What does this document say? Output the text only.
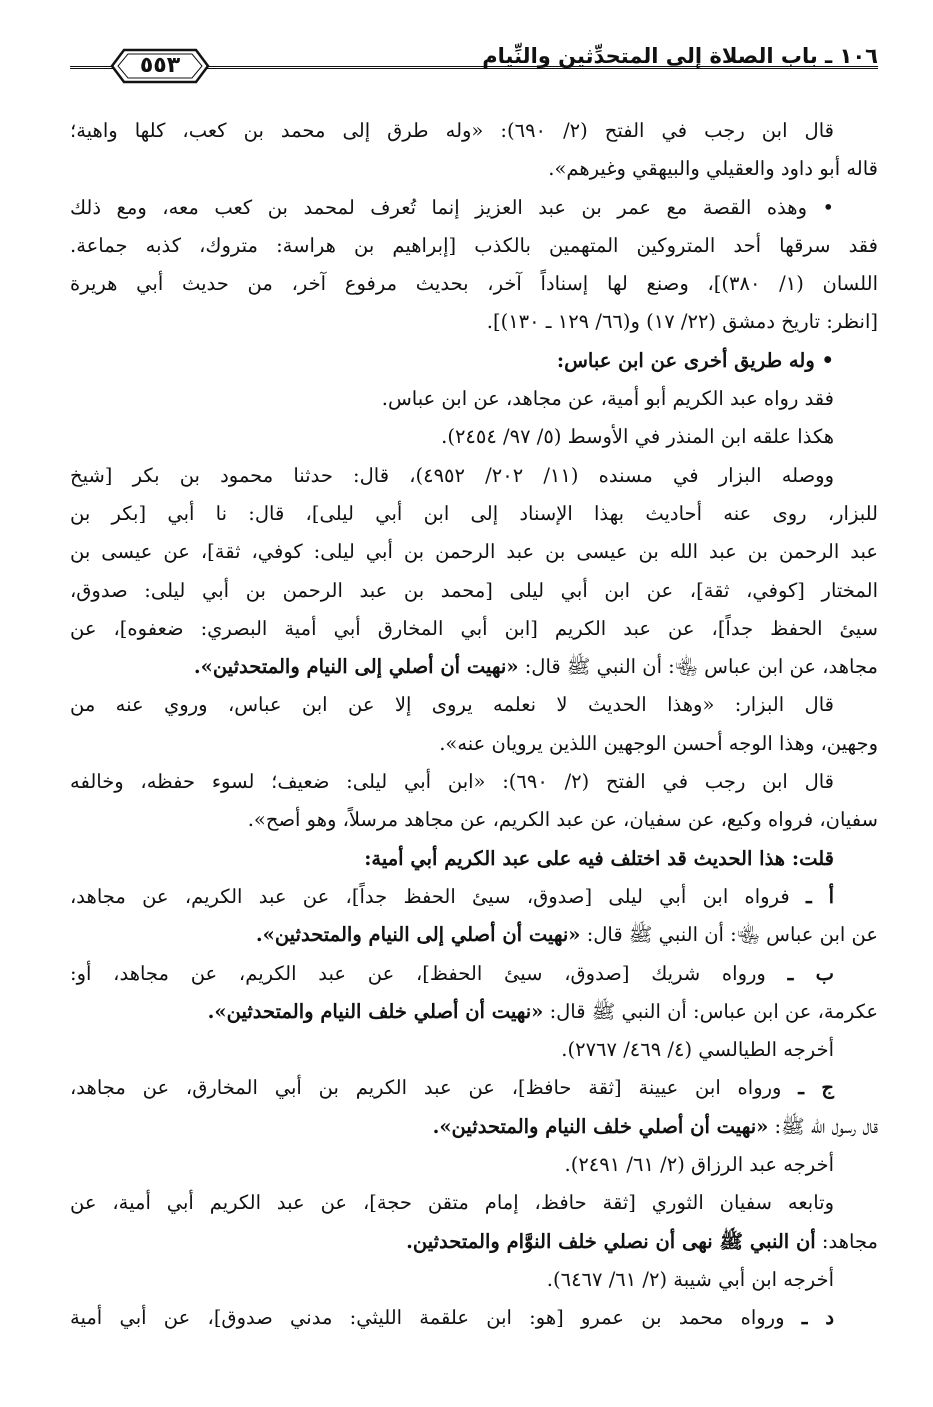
١٠٦ ـ باب الصلاة إلى المتحدِّثين والنِّيام
٥٥٣
قال ابن رجب في الفتح (٢/ ٦٩٠): «وله طرق إلى محمد بن كعب، كلها واهية؛
قاله أبو داود والعقيلي والبيهقي وغيرهم».
• وهذه القصة مع عمر بن عبد العزيز إنما تُعرف لمحمد بن كعب معه، ومع ذلك
فقد سرقها أحد المتروكين المتهمين بالكذب [إبراهيم بن هراسة: متروك، كذبه جماعة.
اللسان (١/ ٣٨٠)]، وصنع لها إسناداً آخر، بحديث مرفوع آخر، من حديث أبي هريرة
[انظر: تاريخ دمشق (٢٢/ ١٧) و(٦٦/ ١٢٩ ـ ١٣٠)].
• وله طريق أخرى عن ابن عباس:
فقد رواه عبد الكريم أبو أمية، عن مجاهد، عن ابن عباس.
هكذا علقه ابن المنذر في الأوسط (٥/ ٩٧/ ٢٤٥٤).
ووصله البزار في مسنده (١١/ ٢٠٢/ ٤٩٥٢)، قال: حدثنا محمود بن بكر [شيخ
للبزار، روى عنه أحاديث بهذا الإسناد إلى ابن أبي ليلى]، قال: نا أبي [بكر بن
عبد الرحمن بن عبد الله بن عيسى بن عبد الرحمن بن أبي ليلى: كوفي، ثقة]، عن عيسى بن
المختار [كوفي، ثقة]، عن ابن أبي ليلى [محمد بن عبد الرحمن بن أبي ليلى: صدوق،
سيئ الحفظ جداً]، عن عبد الكريم [ابن أبي المخارق أبي أمية البصري: ضعفوه]، عن
مجاهد، عن ابن عباس ﵄: أن النبي ﷺ قال: «نهيت أن أصلي إلى النيام والمتحدثين».
قال البزار: «وهذا الحديث لا نعلمه يروى إلا عن ابن عباس، وروي عنه من
وجهين، وهذا الوجه أحسن الوجهين اللذين يرويان عنه».
قال ابن رجب في الفتح (٢/ ٦٩٠): «ابن أبي ليلى: ضعيف؛ لسوء حفظه، وخالفه
سفيان، فرواه وكيع، عن سفيان، عن عبد الكريم، عن مجاهد مرسلاً، وهو أصح».
قلت: هذا الحديث قد اختلف فيه على عبد الكريم أبي أمية:
أ ـ فرواه ابن أبي ليلى [صدوق، سيئ الحفظ جداً]، عن عبد الكريم، عن مجاهد،
عن ابن عباس ﵄: أن النبي ﷺ قال: «نهيت أن أصلي إلى النيام والمتحدثين».
ب ـ ورواه شريك [صدوق، سيئ الحفظ]، عن عبد الكريم، عن مجاهد، أو:
عكرمة، عن ابن عباس: أن النبي ﷺ قال: «نهيت أن أصلي خلف النيام والمتحدثين».
أخرجه الطيالسي (٤/ ٤٦٩/ ٢٧٦٧).
ج ـ ورواه ابن عيينة [ثقة حافظ]، عن عبد الكريم بن أبي المخارق، عن مجاهد،
قال رسول الله ﷺ: «نهيت أن أصلي خلف النيام والمتحدثين».
أخرجه عبد الرزاق (٢/ ٦١/ ٢٤٩١).
وتابعه سفيان الثوري [ثقة حافظ، إمام متقن حجة]، عن عبد الكريم أبي أمية، عن
مجاهد: أن النبي ﷺ نهى أن نصلي خلف النوَّام والمتحدثين.
أخرجه ابن أبي شيبة (٢/ ٦١/ ٦٤٦٧).
د ـ ورواه محمد بن عمرو [هو: ابن علقمة الليثي: مدني صدوق]، عن أبي أمية
